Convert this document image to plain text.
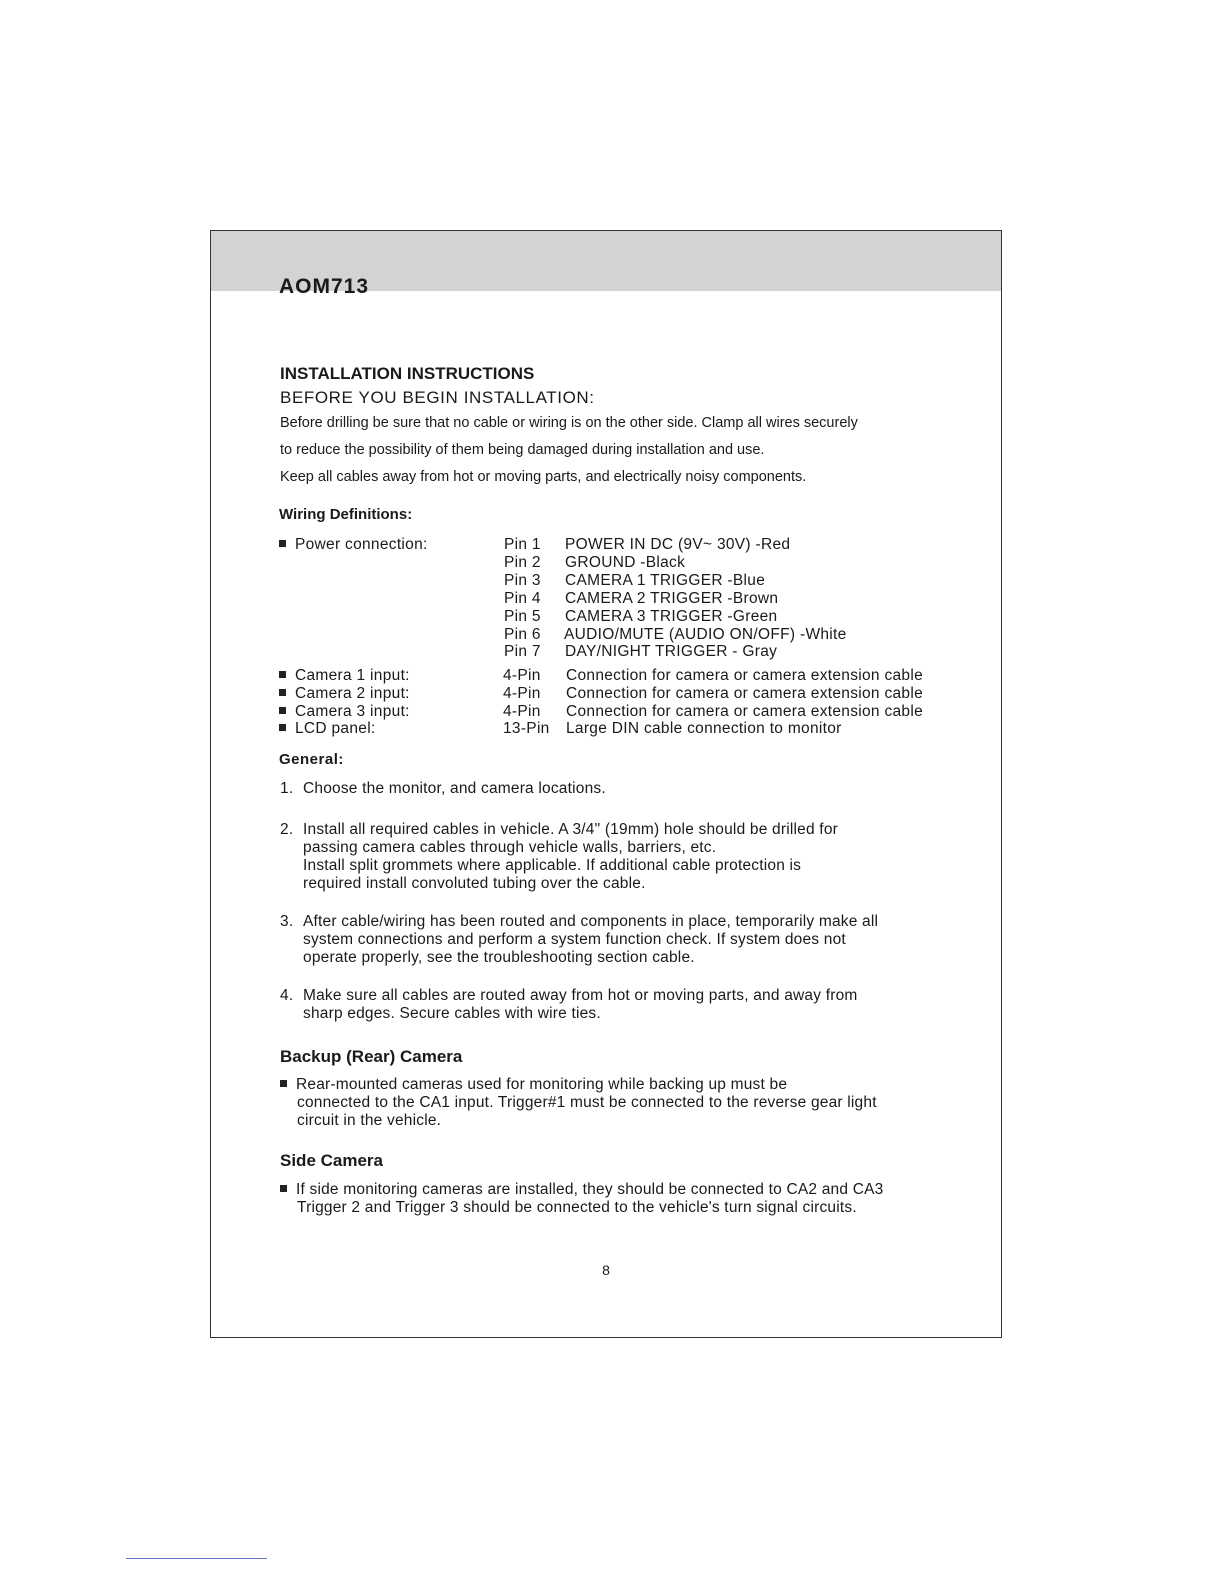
AOM713
INSTALLATION INSTRUCTIONS
BEFORE YOU BEGIN INSTALLATION:
Before drilling be sure that no cable or wiring is on the other side. Clamp all wires securely
to reduce the possibility of them being damaged during installation and use.
Keep all cables away from hot or moving parts, and electrically noisy components.
Wiring Definitions:
Power connection:	Pin 1 POWER IN DC (9V~ 30V) -Red
Pin 2 GROUND -Black
Pin 3 CAMERA 1 TRIGGER -Blue
Pin 4 CAMERA 2 TRIGGER -Brown
Pin 5 CAMERA 3 TRIGGER -Green
Pin 6 AUDIO/MUTE (AUDIO ON/OFF) -White
Pin 7 DAY/NIGHT TRIGGER - Gray
Camera 1 input:	4-Pin Connection for camera or camera extension cable
Camera 2 input:	4-Pin Connection for camera or camera extension cable
Camera 3 input:	4-Pin Connection for camera or camera extension cable
LCD panel:	13-Pin Large DIN cable connection to monitor
General:
1. Choose the monitor, and camera locations.
2. Install all required cables in vehicle. A 3/4" (19mm) hole should be drilled for
passing camera cables through vehicle walls, barriers, etc.
Install split grommets where applicable. If additional cable protection is
required install convoluted tubing over the cable.
3. After cable/wiring has been routed and components in place, temporarily make all
system connections and perform a system function check. If system does not
operate properly, see the troubleshooting section cable.
4. Make sure all cables are routed away from hot or moving parts, and away from
sharp edges. Secure cables with wire ties.
Backup (Rear) Camera
Rear-mounted cameras used for monitoring while backing up must be
connected to the CA1 input. Trigger#1 must be connected to the reverse gear light
circuit in the vehicle.
Side Camera
If side monitoring cameras are installed, they should be connected to CA2 and CA3
Trigger 2 and Trigger 3 should be connected to the vehicle's turn signal circuits.
8
